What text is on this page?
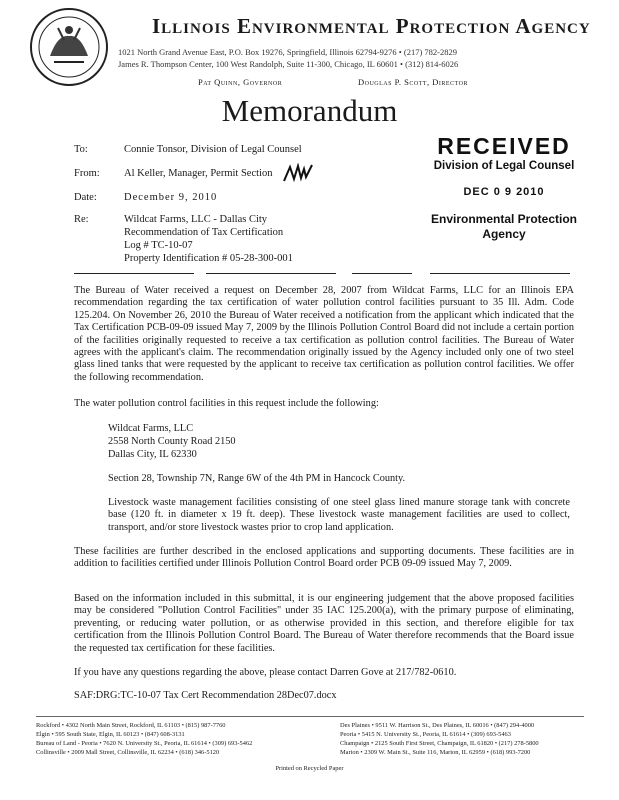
Illinois Environmental Protection Agency
1021 North Grand Avenue East, P.O. Box 19276, Springfield, Illinois 62794-9276 • (217) 782-2829
James R. Thompson Center, 100 West Randolph, Suite 11-300, Chicago, IL 60601 • (312) 814-6026
Pat Quinn, Governor	Douglas P. Scott, Director
Memorandum
To:	Connie Tonsor, Division of Legal Counsel
From: Al Keller, Manager, Permit Section
Date:	December 9, 2010
Re:	Wildcat Farms, LLC - Dallas City
Recommendation of Tax Certification
Log # TC-10-07
Property Identification # 05-28-300-001
RECEIVED
Division of Legal Counsel
DEC 0 9 2010
Environmental Protection
Agency
The Bureau of Water received a request on December 28, 2007 from Wildcat Farms, LLC for an Illinois EPA recommendation regarding the tax certification of water pollution control facilities pursuant to 35 Ill. Adm. Code 125.204. On November 26, 2010 the Bureau of Water received a notification from the applicant which indicated that the Tax Certification PCB-09-09 issued May 7, 2009 by the Illinois Pollution Control Board did not include a certain portion of the facilities originally requested to receive a tax certification as pollution control facilities. The Bureau of Water agrees with the applicant's claim. The recommendation originally issued by the Agency included only one of two steel glass lined tanks that were requested by the applicant to receive tax certification as pollution control facilities. We offer the following recommendation.
The water pollution control facilities in this request include the following:
Wildcat Farms, LLC
2558 North County Road 2150
Dallas City, IL 62330
Section 28, Township 7N, Range 6W of the 4th PM in Hancock County.
Livestock waste management facilities consisting of one steel glass lined manure storage tank with concrete base (120 ft. in diameter x 19 ft. deep). These livestock waste management facilities are used to collect, transport, and/or store livestock wastes prior to crop land application.
These facilities are further described in the enclosed applications and supporting documents. These facilities are in addition to facilities certified under Illinois Pollution Control Board order PCB 09-09 issued May 7, 2009.
Based on the information included in this submittal, it is our engineering judgement that the above proposed facilities may be considered "Pollution Control Facilities" under 35 IAC 125.200(a), with the primary purpose of eliminating, preventing, or reducing water pollution, or as otherwise provided in this section, and therefore eligible for tax certification from the Illinois Pollution Control Board. The Bureau of Water therefore recommends that the Board issue the requested tax certification for these facilities.
If you have any questions regarding the above, please contact Darren Gove at 217/782-0610.
SAF:DRG:TC-10-07 Tax Cert Recommendation 28Dec07.docx
Rockford • 4302 North Main Street, Rockford, IL 61103 • (815) 987-7760
Elgin • 595 South State, Elgin, IL 60123 • (847) 608-3131
Bureau of Land - Peoria • 7620 N. University St., Peoria, IL 61614 • (309) 693-5462
Collinsville • 2009 Mall Street, Collinsville, IL 62234 • (618) 346-5120
Des Plaines • 9511 W. Harrison St., Des Plaines, IL 60016 • (847) 294-4000
Peoria • 5415 N. University St., Peoria, IL 61614 • (309) 693-5463
Champaign • 2125 South First Street, Champaign, IL 61820 • (217) 278-5800
Marion • 2309 W. Main St., Suite 116, Marion, IL 62959 • (618) 993-7200
Printed on Recycled Paper
